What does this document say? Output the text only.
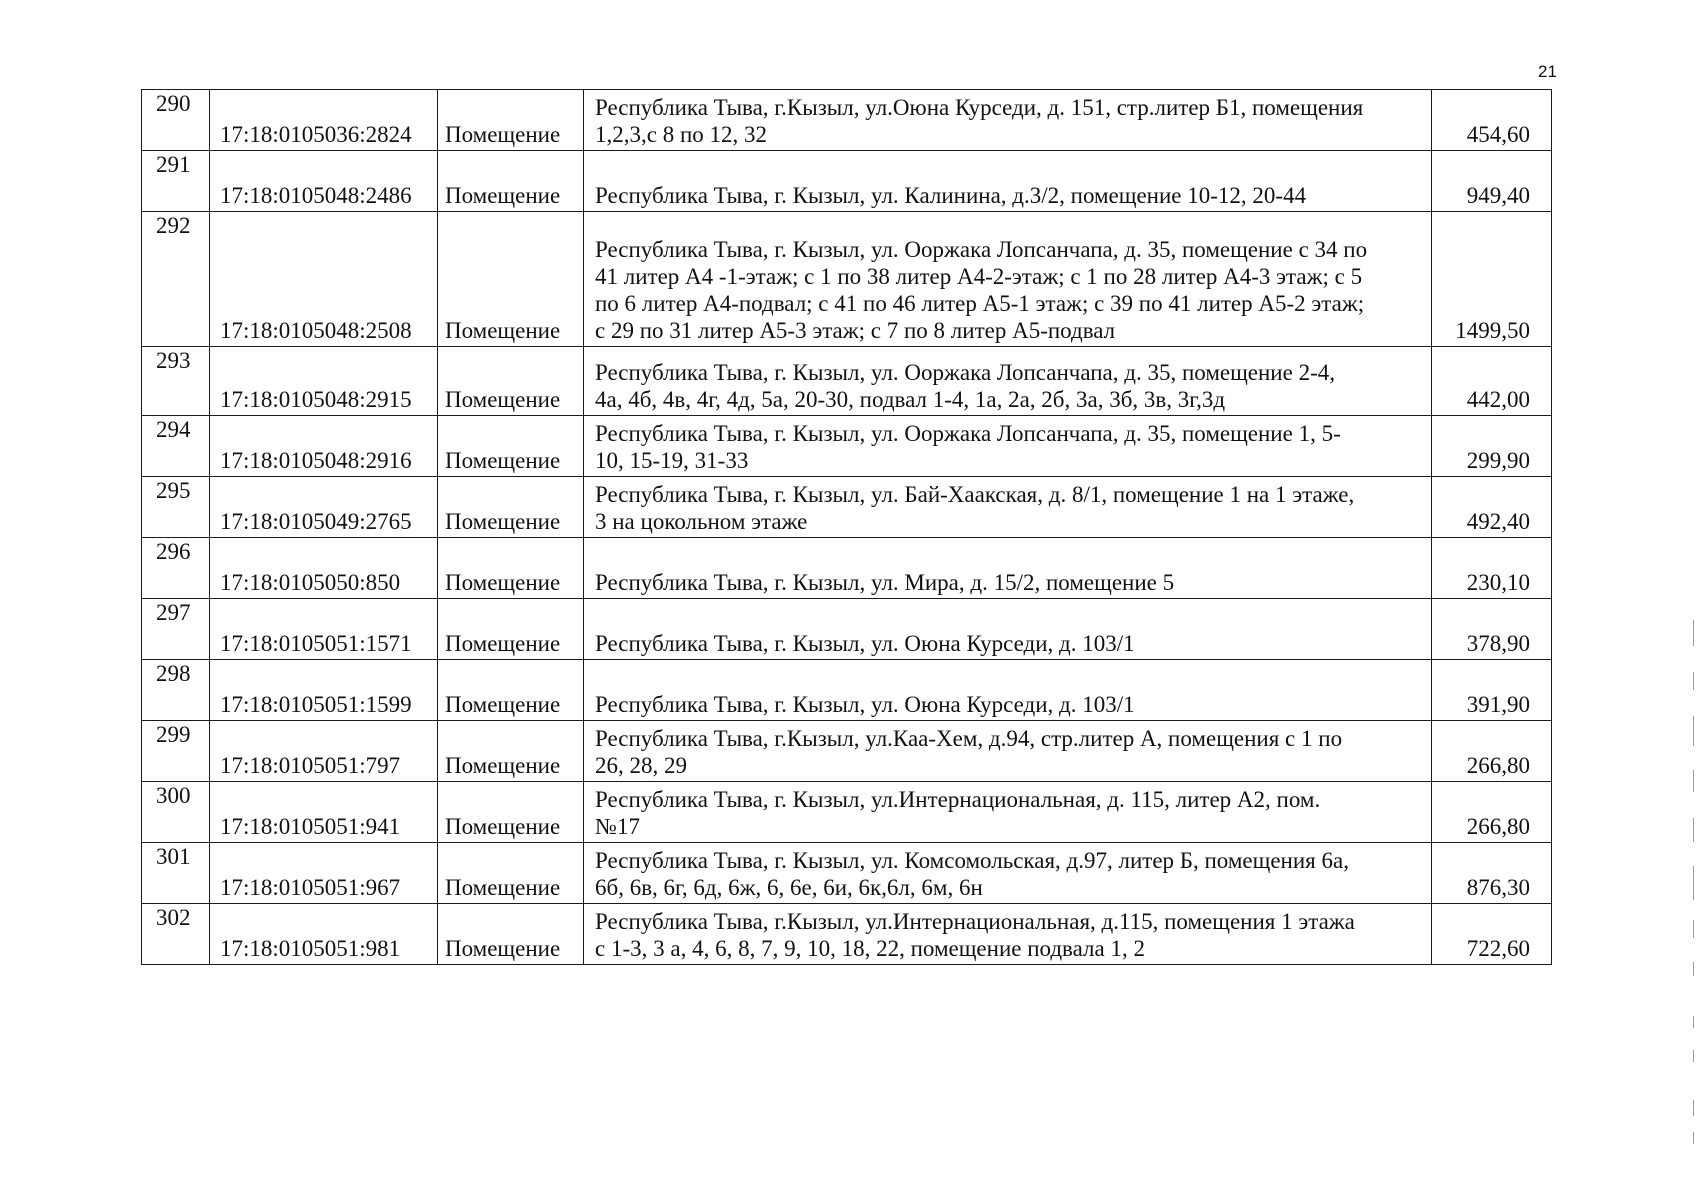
21
290	17:18:0105036:2824	Помещение	Республика Тыва, г.Кызыл, ул.Оюна Курседи, д. 151, стр.литер Б1, помещения
1,2,3,с 8 по 12, 32	454,60
291	17:18:0105048:2486	Помещение	Республика Тыва, г. Кызыл, ул. Калинина, д.3/2, помещение 10-12, 20-44	949,40
292	17:18:0105048:2508	Помещение	Республика Тыва, г. Кызыл, ул. Ооржака Лопсанчапа, д. 35, помещение с 34 по
41 литер А4 -1-этаж; с 1 по 38 литер А4-2-этаж; с 1 по 28 литер А4-3 этаж; с 5
по 6 литер А4-подвал; с 41 по 46 литер А5-1 этаж; с 39 по 41 литер А5-2 этаж;
с 29 по 31 литер А5-3 этаж; с 7 по 8 литер А5-подвал	1499,50
293	17:18:0105048:2915	Помещение	Республика Тыва, г. Кызыл, ул. Ооржака Лопсанчапа, д. 35, помещение 2-4,
4а, 4б, 4в, 4г, 4д, 5а, 20-30, подвал 1-4, 1а, 2а, 2б, 3а, 3б, 3в, 3г,3д	442,00
294	17:18:0105048:2916	Помещение	Республика Тыва, г. Кызыл, ул. Ооржака Лопсанчапа, д. 35, помещение 1, 5-
10, 15-19, 31-33	299,90
295	17:18:0105049:2765	Помещение	Республика Тыва, г. Кызыл, ул. Бай-Хаакская, д. 8/1, помещение 1 на 1 этаже,
3 на цокольном этаже	492,40
296	17:18:0105050:850	Помещение	Республика Тыва, г. Кызыл, ул. Мира, д. 15/2, помещение 5	230,10
297	17:18:0105051:1571	Помещение	Республика Тыва, г. Кызыл, ул. Оюна Курседи, д. 103/1	378,90
298	17:18:0105051:1599	Помещение	Республика Тыва, г. Кызыл, ул. Оюна Курседи, д. 103/1	391,90
299	17:18:0105051:797	Помещение	Республика Тыва, г.Кызыл, ул.Каа-Хем, д.94, стр.литер А, помещения с 1 по
26, 28, 29	266,80
300	17:18:0105051:941	Помещение	Республика Тыва, г. Кызыл, ул.Интернациональная, д. 115, литер А2, пом.
№17	266,80
301	17:18:0105051:967	Помещение	Республика Тыва, г. Кызыл, ул. Комсомольская, д.97, литер Б, помещения 6а,
6б, 6в, 6г, 6д, 6ж, 6, 6е, 6и, 6к,6л, 6м, 6н	876,30
302	17:18:0105051:981	Помещение	Республика Тыва, г.Кызыл, ул.Интернациональная, д.115, помещения 1 этажа
с 1-3, 3 а, 4, 6, 8, 7, 9, 10, 18, 22, помещение подвала 1, 2	722,60
